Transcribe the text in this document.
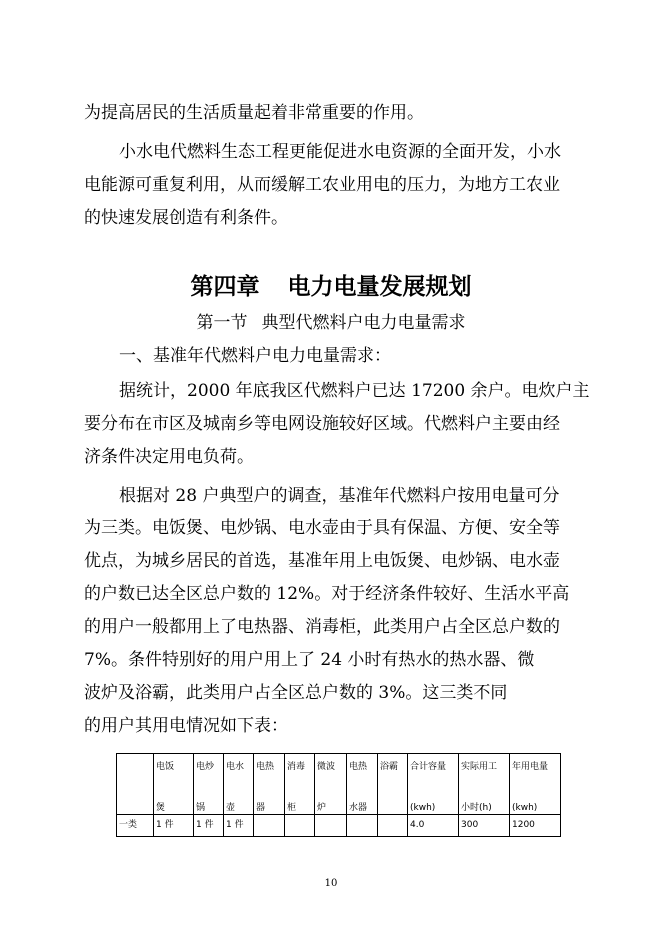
为提高居民的生活质量起着非常重要的作用。
小水电代燃料生态工程更能促进水电资源的全面开发，小水
电能源可重复利用，从而缓解工农业用电的压力，为地方工农业
的快速发展创造有利条件。
第四章 电力电量发展规划
第一节 典型代燃料户电力电量需求
一、基准年代燃料户电力电量需求：
据统计，2000 年底我区代燃料户已达 17200 余户。电炊户主
要分布在市区及城南乡等电网设施较好区域。代燃料户主要由经
济条件决定用电负荷。
根据对 28 户典型户的调查，基准年代燃料户按用电量可分
为三类。电饭煲、电炒锅、电水壶由于具有保温、方便、安全等
优点，为城乡居民的首选，基准年用上电饭煲、电炒锅、电水壶
的户数已达全区总户数的 12%。对于经济条件较好、生活水平高
的用户一般都用上了电热器、消毒柜，此类用户占全区总户数的
7%。条件特别好的用户用上了 24 小时有热水的热水器、微
波炉及浴霸，此类用户占全区总户数的 3%。这三类不同
的用户其用电情况如下表：

	电饭
煲	电炒
锅	电水
壶	电热
器	消毒
柜	微波
炉	电热
水器	浴霸	合计容量
(kwh)	实际用工
小时(h)	年用电量
(kwh)

一类	1 件	1 件	1 件						4.0	300	1200
10
